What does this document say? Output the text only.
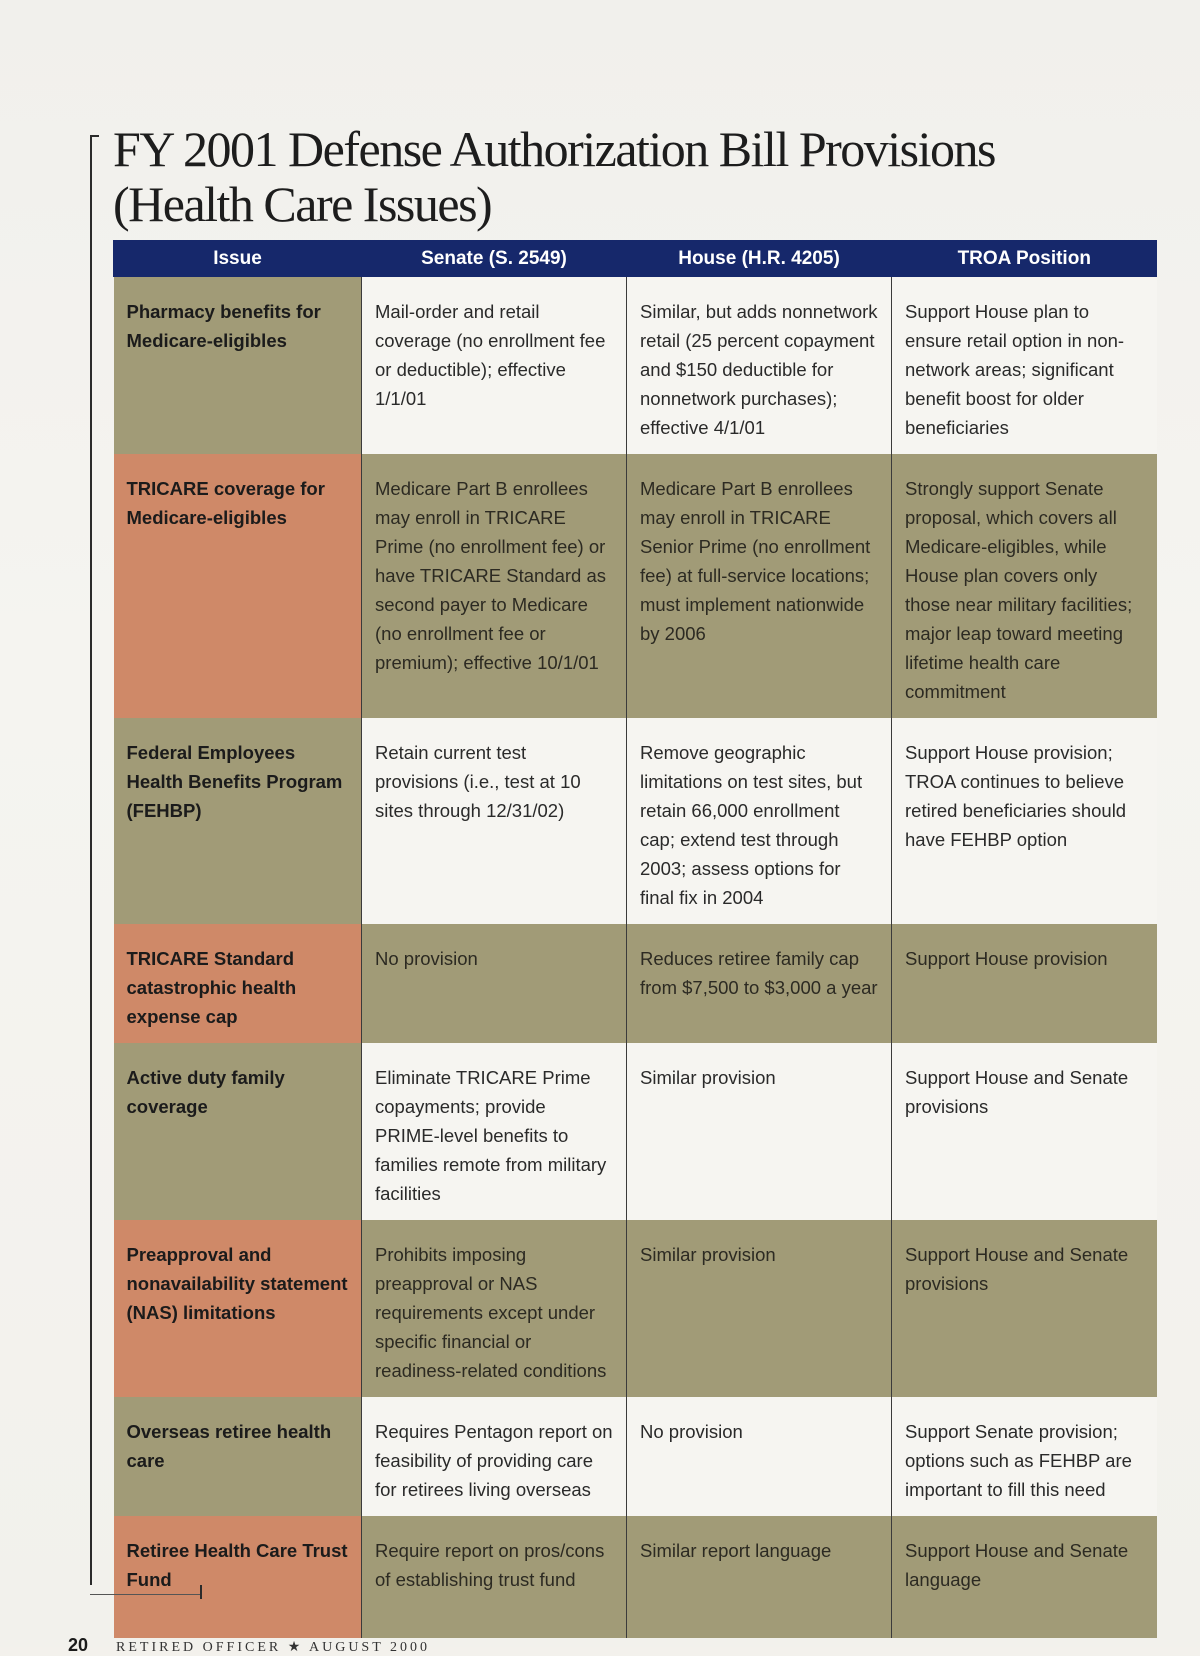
FY 2001 Defense Authorization Bill Provisions
(Health Care Issues)
Issue	Senate (S. 2549)	House (H.R. 4205)	TROA Position
Pharmacy benefits for Medicare-eligibles	Mail-order and retail coverage (no enrollment fee or deductible); effective 1/1/01	Similar, but adds nonnetwork retail (25 percent copayment and $150 deductible for nonnetwork purchases); effective 4/1/01	Support House plan to ensure retail option in non-network areas; significant benefit boost for older beneficiaries
TRICARE coverage for Medicare-eligibles	Medicare Part B enrollees may enroll in TRICARE Prime (no enrollment fee) or have TRICARE Standard as second payer to Medicare (no enrollment fee or premium); effective 10/1/01	Medicare Part B enrollees may enroll in TRICARE Senior Prime (no enrollment fee) at full-service locations; must implement nationwide by 2006	Strongly support Senate proposal, which covers all Medicare-eligibles, while House plan covers only those near military facilities; major leap toward meeting lifetime health care commitment
Federal Employees Health Benefits Program (FEHBP)	Retain current test provisions (i.e., test at 10 sites through 12/31/02)	Remove geographic limitations on test sites, but retain 66,000 enrollment cap; extend test through 2003; assess options for final fix in 2004	Support House provision; TROA continues to believe retired beneficiaries should have FEHBP option
TRICARE Standard catastrophic health expense cap	No provision	Reduces retiree family cap from $7,500 to $3,000 a year	Support House provision
Active duty family coverage	Eliminate TRICARE Prime copayments; provide PRIME-level benefits to families remote from military facilities	Similar provision	Support House and Senate provisions
Preapproval and nonavailability statement (NAS) limitations	Prohibits imposing preapproval or NAS requirements except under specific financial or readiness-related conditions	Similar provision	Support House and Senate provisions
Overseas retiree health care	Requires Pentagon report on feasibility of providing care for retirees living overseas	No provision	Support Senate provision; options such as FEHBP are important to fill this need
Retiree Health Care Trust Fund	Require report on pros/cons of establishing trust fund	Similar report language	Support House and Senate language
20 RETIRED OFFICER ★ AUGUST 2000
